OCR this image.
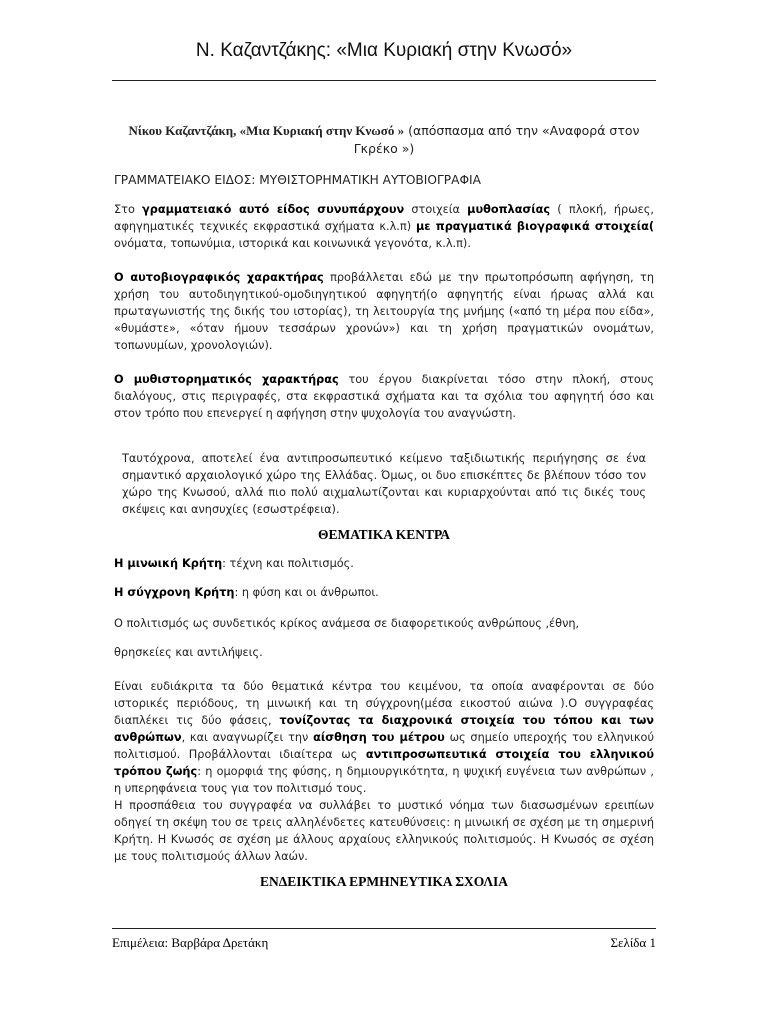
Ν. Καζαντζάκης: «Μια Κυριακή στην Κνωσό»

Νίκου Καζαντζάκη, «Μια Κυριακή στην Κνωσό » (απόσπασμα από την «Αναφορά στον Γκρέκο »)

ΓΡΑΜΜΑΤΕΙΑΚΟ ΕΙΔΟΣ: ΜΥΘΙΣΤΟΡΗΜΑΤΙΚΗ ΑΥΤΟΒΙΟΓΡΑΦΙΑ

Στο γραμματειακό αυτό είδος συνυπάρχουν στοιχεία μυθοπλασίας ( πλοκή, ήρωες, αφηγηματικές τεχνικές εκφραστικά σχήματα κ.λ.π) με πραγματικά βιογραφικά στοιχεία( ονόματα, τοπωνύμια, ιστορικά και κοινωνικά γεγονότα, κ.λ.π).

Ο αυτοβιογραφικός χαρακτήρας προβάλλεται εδώ με την πρωτοπρόσωπη αφήγηση, τη χρήση του αυτοδιηγητικού-ομοδιηγητικού αφηγητή(ο αφηγητής είναι ήρωας αλλά και πρωταγωνιστής της δικής του ιστορίας), τη λειτουργία της μνήμης («από τη μέρα που είδα», «θυμάστε», «όταν ήμουν τεσσάρων χρονών») και τη χρήση πραγματικών ονομάτων, τοπωνυμίων, χρονολογιών).

Ο μυθιστορηματικός χαρακτήρας του έργου διακρίνεται τόσο στην πλοκή, στους διαλόγους, στις περιγραφές, στα εκφραστικά σχήματα και τα σχόλια του αφηγητή όσο και στον τρόπο που επενεργεί η αφήγηση στην ψυχολογία του αναγνώστη.

Ταυτόχρονα, αποτελεί ένα αντιπροσωπευτικό κείμενο ταξιδιωτικής περιήγησης σε ένα σημαντικό αρχαιολογικό χώρο της Ελλάδας. Όμως, οι δυο επισκέπτες δε βλέπουν τόσο τον χώρο της Κνωσού, αλλά πιο πολύ αιχμαλωτίζονται και κυριαρχούνται από τις δικές τους σκέψεις και ανησυχίες (εσωστρέφεια).

ΘΕΜΑΤΙΚΑ ΚΕΝΤΡΑ

Η μινωική Κρήτη: τέχνη και πολιτισμός.

Η σύγχρονη Κρήτη: η φύση και οι άνθρωποι.

Ο πολιτισμός ως συνδετικός κρίκος ανάμεσα σε διαφορετικούς ανθρώπους ,έθνη,

θρησκείες και αντιλήψεις.

Είναι ευδιάκριτα τα δύο θεματικά κέντρα του κειμένου, τα οποία αναφέρονται σε δύο ιστορικές περιόδους, τη μινωική και τη σύγχρονη(μέσα εικοστού αιώνα ).Ο συγγραφέας διαπλέκει τις δύο φάσεις, τονίζοντας τα διαχρονικά στοιχεία του τόπου και των ανθρώπων, και αναγνωρίζει την αίσθηση του μέτρου ως σημείο υπεροχής του ελληνικού πολιτισμού. Προβάλλονται ιδιαίτερα ως αντιπροσωπευτικά στοιχεία του ελληνικού τρόπου ζωής: η ομορφιά της φύσης, η δημιουργικότητα, η ψυχική ευγένεια των ανθρώπων , η υπερηφάνεια τους για τον πολιτισμό τους.

Η προσπάθεια του συγγραφέα να συλλάβει το μυστικό νόημα των διασωσμένων ερειπίων οδηγεί τη σκέψη του σε τρεις αλληλένδετες κατευθύνσεις: η μινωική σε σχέση με τη σημερινή Κρήτη. Η Κνωσός σε σχέση με άλλους αρχαίους ελληνικούς πολιτισμούς. Η Κνωσός σε σχέση με τους πολιτισμούς άλλων λαών.

ΕΝΔΕΙΚΤΙΚΑ ΕΡΜΗΝΕΥΤΙΚΑ ΣΧΟΛΙΑ

Επιμέλεια: Βαρβάρα Δρετάκη	Σελίδα 1
